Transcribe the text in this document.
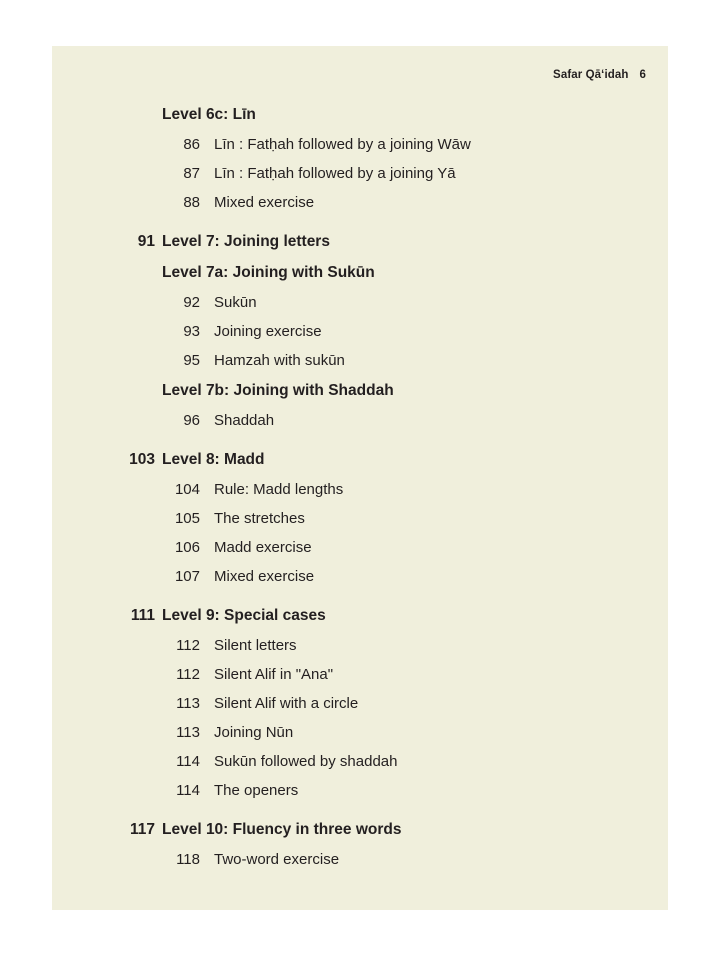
Safar Qāʻidah 6
Level 6c: Līn
86 Līn : Fatḥah followed by a joining Wāw
87 Līn : Fatḥah followed by a joining Yā
88 Mixed exercise
91 Level 7: Joining letters
Level 7a: Joining with Sukūn
92 Sukūn
93 Joining exercise
95 Hamzah with sukūn
Level 7b: Joining with Shaddah
96 Shaddah
103 Level 8: Madd
104 Rule: Madd lengths
105 The stretches
106 Madd exercise
107 Mixed exercise
111 Level 9: Special cases
112 Silent letters
112 Silent Alif in "Ana"
113 Silent Alif with a circle
113 Joining Nūn
114 Sukūn followed by shaddah
114 The openers
117 Level 10: Fluency in three words
118 Two-word exercise
